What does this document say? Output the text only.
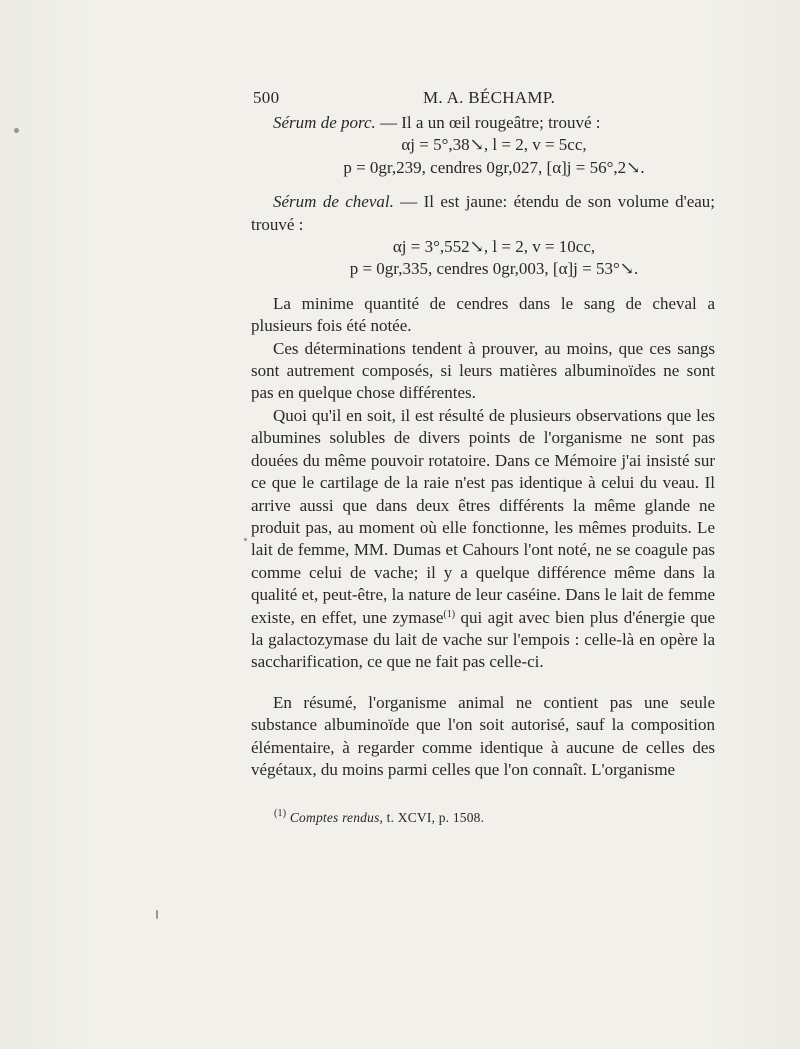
500	M. A. BÉCHAMP.

Sérum de porc. — Il a un œil rougeâtre; trouvé :

αj = 5°,38↘, l = 2, v = 5cc,

p = 0gr,239, cendres 0gr,027, [α]j = 56°,2↘.

Sérum de cheval. — Il est jaune: étendu de son volume d'eau; trouvé :

αj = 3°,552↘, l = 2, v = 10cc,

p = 0gr,335, cendres 0gr,003, [α]j = 53°↘.

La minime quantité de cendres dans le sang de cheval a plusieurs fois été notée.

Ces déterminations tendent à prouver, au moins, que ces sangs sont autrement composés, si leurs matières albuminoïdes ne sont pas en quelque chose différentes.

Quoi qu'il en soit, il est résulté de plusieurs observations que les albumines solubles de divers points de l'organisme ne sont pas douées du même pouvoir rotatoire. Dans ce Mémoire j'ai insisté sur ce que le cartilage de la raie n'est pas identique à celui du veau. Il arrive aussi que dans deux êtres différents la même glande ne produit pas, au moment où elle fonctionne, les mêmes produits. Le lait de femme, MM. Dumas et Cahours l'ont noté, ne se coagule pas comme celui de vache; il y a quelque différence même dans la qualité et, peut-être, la nature de leur caséine. Dans le lait de femme existe, en effet, une zymase$^{(1)}$ qui agit avec bien plus d'énergie que la galactozymase du lait de vache sur l'empois : celle-là en opère la saccharification, ce que ne fait pas celle-ci.

En résumé, l'organisme animal ne contient pas une seule substance albuminoïde que l'on soit autorisé, sauf la composition élémentaire, à regarder comme identique à aucune de celles des végétaux, du moins parmi celles que l'on connaît. L'organisme

$^{(1)}$ Comptes rendus, t. XCVI, p. 1508.
